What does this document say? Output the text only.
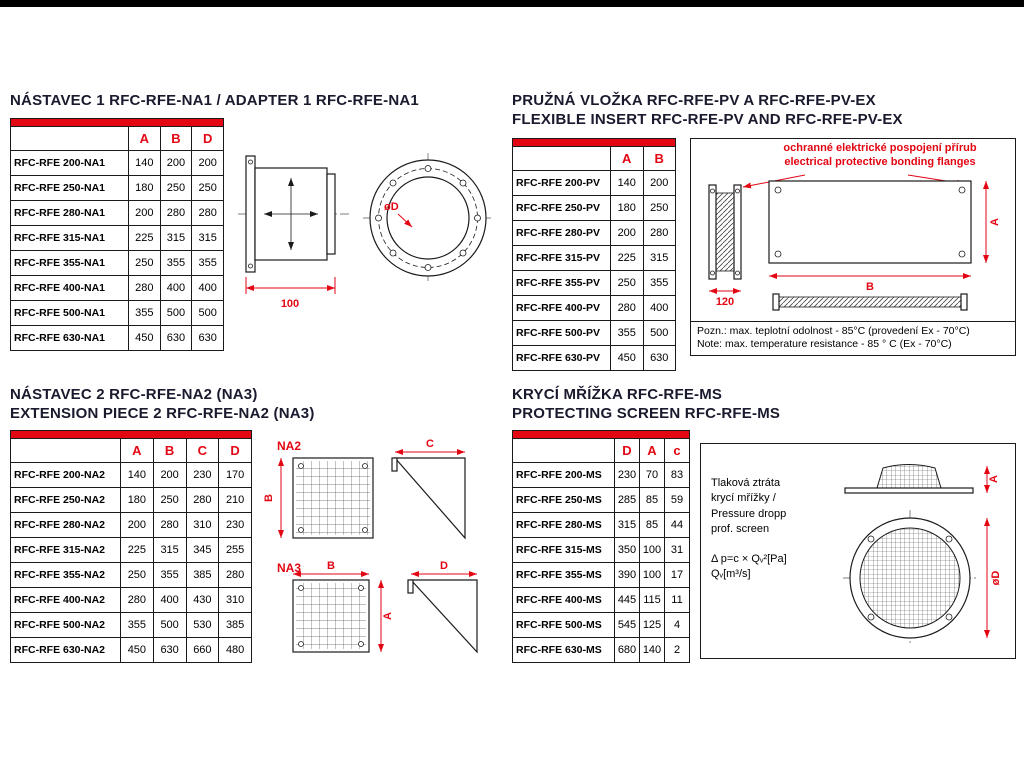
NÁSTAVEC 1 RFC-RFE-NA1 / ADAPTER 1 RFC-RFE-NA1

	A	B	D
RFC-RFE 200-NA1	140	200	200
RFC-RFE 250-NA1	180	250	250
RFC-RFE 280-NA1	200	280	280
RFC-RFE 315-NA1	225	315	315
RFC-RFE 355-NA1	250	355	355
RFC-RFE 400-NA1	280	400	400
RFC-RFE 500-NA1	355	500	500
RFC-RFE 630-NA1	450	630	630
100
øD
PRUŽNÁ VLOŽKA RFC-RFE-PV A RFC-RFE-PV-EX
FLEXIBLE INSERT RFC-RFE-PV AND RFC-RFE-PV-EX

	A	B
RFC-RFE 200-PV	140	200
RFC-RFE 250-PV	180	250
RFC-RFE 280-PV	200	280
RFC-RFE 315-PV	225	315
RFC-RFE 355-PV	250	355
RFC-RFE 400-PV	280	400
RFC-RFE 500-PV	355	500
RFC-RFE 630-PV	450	630
ochranné elektrické pospojení přírub
electrical protective bonding flanges
120
A
B
Pozn.: max. teplotní odolnost - 85°C (provedení Ex - 70°C)
Note: max. temperature resistance - 85 ° C (Ex - 70°C)
NÁSTAVEC 2 RFC-RFE-NA2 (NA3)
EXTENSION PIECE 2 RFC-RFE-NA2 (NA3)

	A	B	C	D
RFC-RFE 200-NA2	140	200	230	170
RFC-RFE 250-NA2	180	250	280	210
RFC-RFE 280-NA2	200	280	310	230
RFC-RFE 315-NA2	225	315	345	255
RFC-RFE 355-NA2	250	355	385	280
RFC-RFE 400-NA2	280	400	430	310
RFC-RFE 500-NA2	355	500	530	385
RFC-RFE 630-NA2	450	630	660	480
NA2
B
C
NA3 B
A
D
KRYCÍ MŘÍŽKA RFC-RFE-MS
PROTECTING SCREEN RFC-RFE-MS

	D	A	c
RFC-RFE 200-MS	230	70	83
RFC-RFE 250-MS	285	85	59
RFC-RFE 280-MS	315	85	44
RFC-RFE 315-MS	350	100	31
RFC-RFE 355-MS	390	100	17
RFC-RFE 400-MS	445	115	11
RFC-RFE 500-MS	545	125	4
RFC-RFE 630-MS	680	140	2
Tlaková ztráta
krycí mřížky /
Pressure dropp
prof. screen
Δ p=c × Qᵥ²[Pa]
Qᵥ[m³/s]
A
øD
